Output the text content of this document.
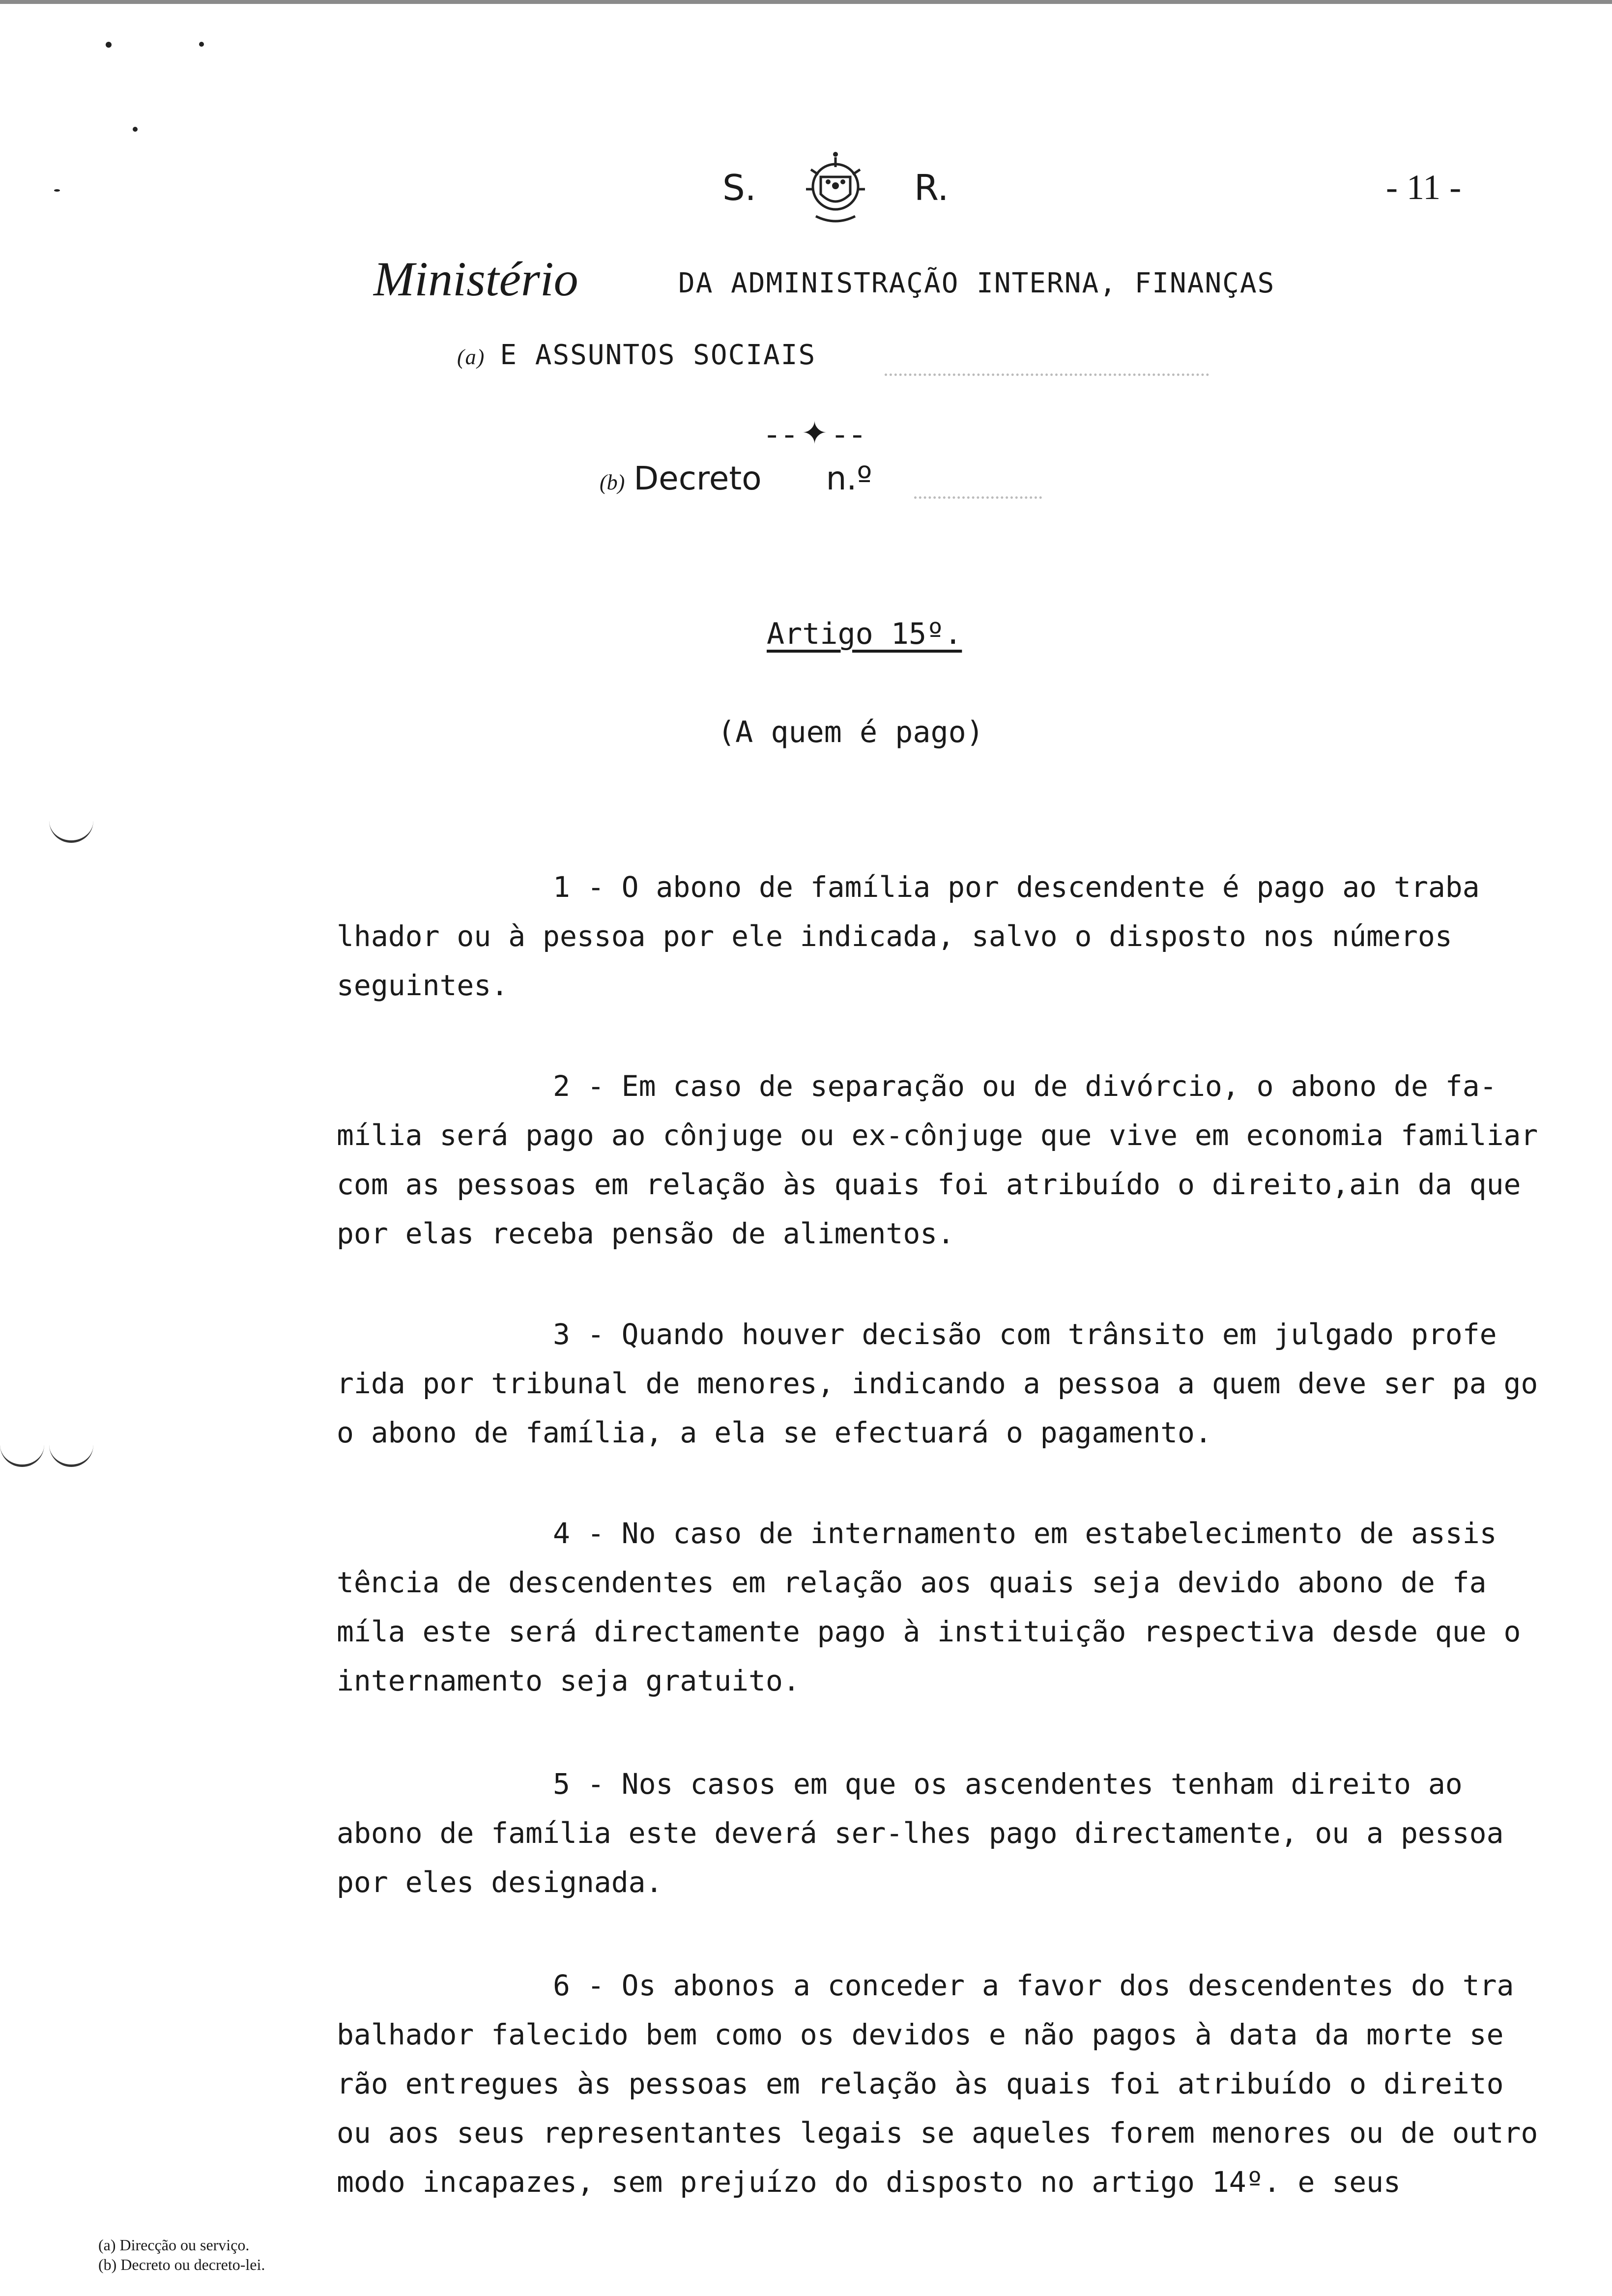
S.	R.	- 11 -
Ministério	DA ADMINISTRAÇÃO INTERNA, FINANÇAS
(a) E ASSUNTOS SOCIAIS
--✦--
(b) Decreto n.º
Artigo 15º.
(A quem é pago)

1 - O abono de família por descendente é pago ao traba
lhador ou à pessoa por ele indicada, salvo o disposto nos números seguintes.

2 - Em caso de separação ou de divórcio, o abono de fa-
mília será pago ao cônjuge ou ex-cônjuge que vive em economia familiar com as pessoas em relação às quais foi atribuído o direito,ain da que por elas receba pensão de alimentos.

3 - Quando houver decisão com trânsito em julgado profe
rida por tribunal de menores, indicando a pessoa a quem deve ser pa go o abono de família, a ela se efectuará o pagamento.

4 - No caso de internamento em estabelecimento de assis
tência de descendentes em relação aos quais seja devido abono de fa míla este será directamente pago à instituição respectiva desde que o internamento seja gratuito.

5 - Nos casos em que os ascendentes tenham direito ao
abono de família este deverá ser-lhes pago directamente, ou a pessoa por eles designada.

6 - Os abonos a conceder a favor dos descendentes do tra
balhador falecido bem como os devidos e não pagos à data da morte se rão entregues às pessoas em relação às quais foi atribuído o direito ou aos seus representantes legais se aqueles forem menores ou de outro modo incapazes, sem prejuízo do disposto no artigo 14º. e seus

(a) Direcção ou serviço.
(b) Decreto ou decreto-lei.
